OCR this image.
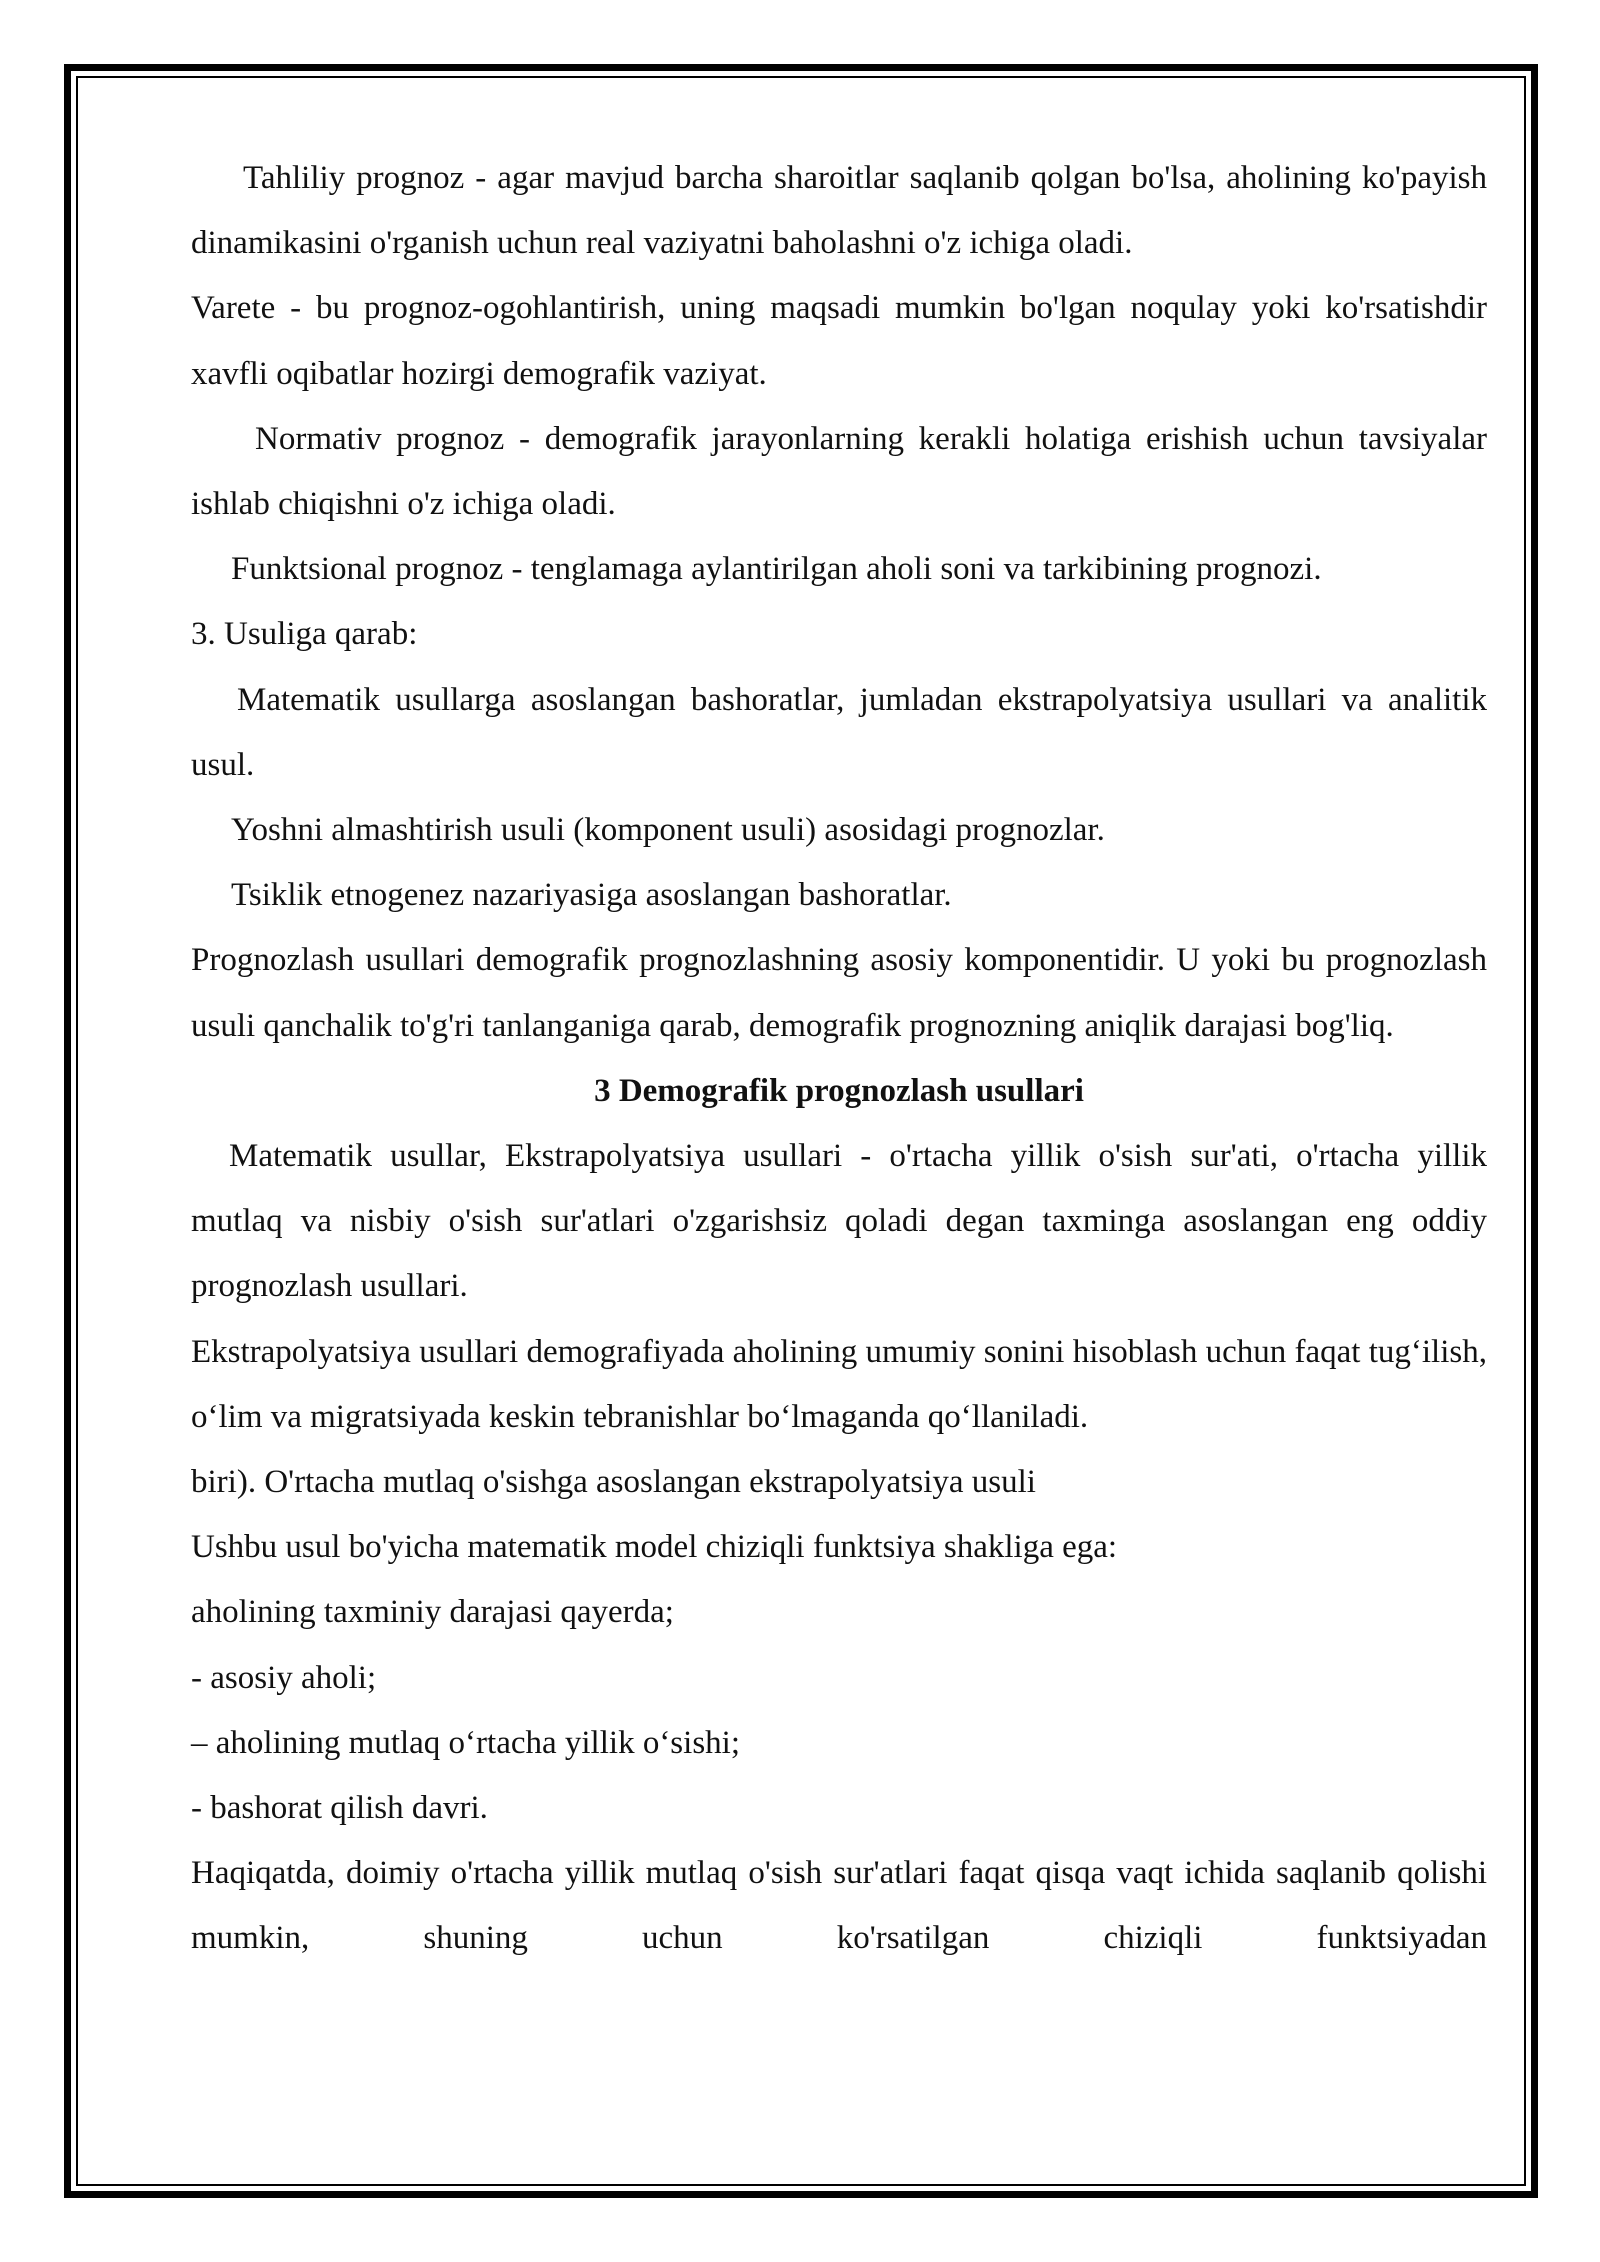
Tahliliy prognoz - agar mavjud barcha sharoitlar saqlanib qolgan bo'lsa, aholining ko'payish dinamikasini o'rganish uchun real vaziyatni baholashni o'z ichiga oladi.

Varete - bu prognoz-ogohlantirish, uning maqsadi mumkin bo'lgan noqulay yoki ko'rsatishdir xavfli oqibatlar hozirgi demografik vaziyat.

Normativ prognoz - demografik jarayonlarning kerakli holatiga erishish uchun tavsiyalar ishlab chiqishni o'z ichiga oladi.

Funktsional prognoz - tenglamaga aylantirilgan aholi soni va tarkibining prognozi.

3. Usuliga qarab:

Matematik usullarga asoslangan bashoratlar, jumladan ekstrapolyatsiya usullari va analitik usul.

Yoshni almashtirish usuli (komponent usuli) asosidagi prognozlar.

Tsiklik etnogenez nazariyasiga asoslangan bashoratlar.

Prognozlash usullari demografik prognozlashning asosiy komponentidir. U yoki bu prognozlash usuli qanchalik to'g'ri tanlanganiga qarab, demografik prognozning aniqlik darajasi bog'liq.

3 Demografik prognozlash usullari

Matematik usullar, Ekstrapolyatsiya usullari - o'rtacha yillik o'sish sur'ati, o'rtacha yillik mutlaq va nisbiy o'sish sur'atlari o'zgarishsiz qoladi degan taxminga asoslangan eng oddiy prognozlash usullari.

Ekstrapolyatsiya usullari demografiyada aholining umumiy sonini hisoblash uchun faqat tug‘ilish, o‘lim va migratsiyada keskin tebranishlar bo‘lmaganda qo‘llaniladi.

biri). O'rtacha mutlaq o'sishga asoslangan ekstrapolyatsiya usuli

Ushbu usul bo'yicha matematik model chiziqli funktsiya shakliga ega:

aholining taxminiy darajasi qayerda;

- asosiy aholi;

– aholining mutlaq o‘rtacha yillik o‘sishi;

- bashorat qilish davri.

Haqiqatda, doimiy o'rtacha yillik mutlaq o'sish sur'atlari faqat qisqa vaqt ichida saqlanib qolishi mumkin, shuning uchun ko'rsatilgan chiziqli funktsiyadan
